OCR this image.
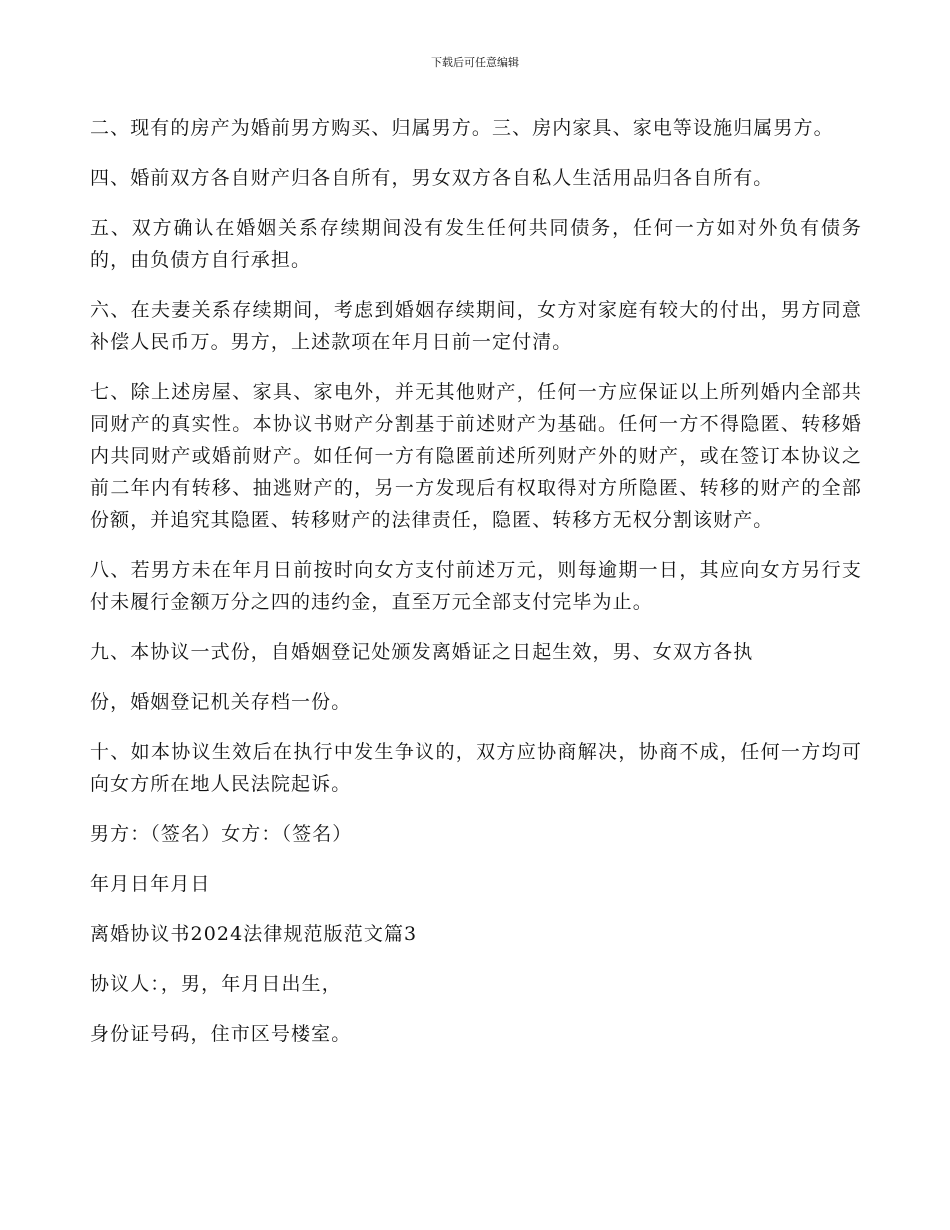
下载后可任意编辑

二、现有的房产为婚前男方购买、归属男方。三、房内家具、家电等设施归属男方。

四、婚前双方各自财产归各自所有，男女双方各自私人生活用品归各自所有。

五、双方确认在婚姻关系存续期间没有发生任何共同债务，任何一方如对外负有债务的，由负债方自行承担。

六、在夫妻关系存续期间，考虑到婚姻存续期间，女方对家庭有较大的付出，男方同意补偿人民币万。男方，上述款项在年月日前一定付清。

七、除上述房屋、家具、家电外，并无其他财产，任何一方应保证以上所列婚内全部共同财产的真实性。本协议书财产分割基于前述财产为基础。任何一方不得隐匿、转移婚内共同财产或婚前财产。如任何一方有隐匿前述所列财产外的财产，或在签订本协议之前二年内有转移、抽逃财产的，另一方发现后有权取得对方所隐匿、转移的财产的全部份额，并追究其隐匿、转移财产的法律责任，隐匿、转移方无权分割该财产。

八、若男方未在年月日前按时向女方支付前述万元，则每逾期一日，其应向女方另行支付未履行金额万分之四的违约金，直至万元全部支付完毕为止。

九、本协议一式份，自婚姻登记处颁发离婚证之日起生效，男、女双方各执

份，婚姻登记机关存档一份。

十、如本协议生效后在执行中发生争议的，双方应协商解决，协商不成，任何一方均可向女方所在地人民法院起诉。

男方：（签名）女方：（签名）

年月日年月日

离婚协议书2024法律规范版范文篇3

协议人：，男，年月日出生，

身份证号码，住市区号楼室。
